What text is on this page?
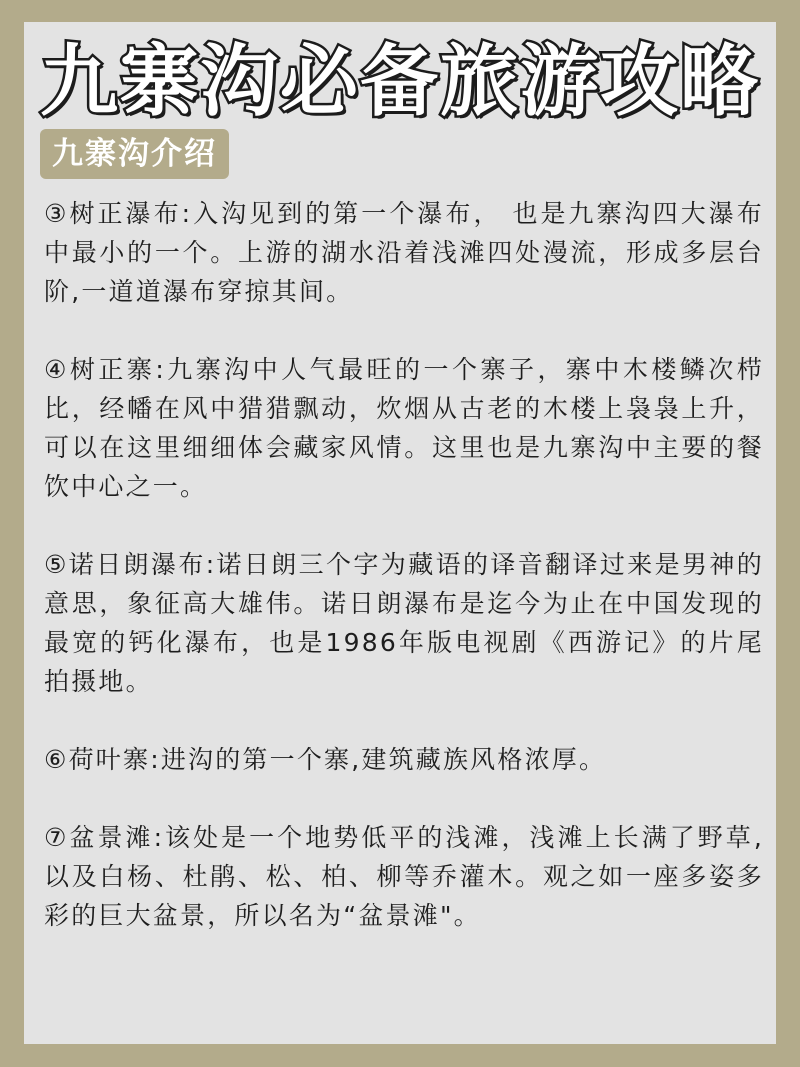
九寨沟必备旅游攻略
九寨沟介绍

③树正瀑布:入沟见到的第一个瀑布， 也是九寨沟四大瀑布中最小的一个。上游的湖水沿着浅滩四处漫流，形成多层台阶,一道道瀑布穿掠其间。

④树正寨:九寨沟中人气最旺的一个寨子，寨中木楼鳞次栉比，经幡在风中猎猎飘动，炊烟从古老的木楼上袅袅上升，可以在这里细细体会藏家风情。这里也是九寨沟中主要的餐饮中心之一。

⑤诺日朗瀑布:诺日朗三个字为藏语的译音翻译过来是男神的意思，象征高大雄伟。诺日朗瀑布是迄今为止在中国发现的最宽的钙化瀑布，也是1986年版电视剧《西游记》的片尾拍摄地。

⑥荷叶寨:进沟的第一个寨,建筑藏族风格浓厚。

⑦盆景滩:该处是一个地势低平的浅滩，浅滩上长满了野草,以及白杨、杜鹃、松、柏、柳等乔灌木。观之如一座多姿多彩的巨大盆景，所以名为“盆景滩"。
